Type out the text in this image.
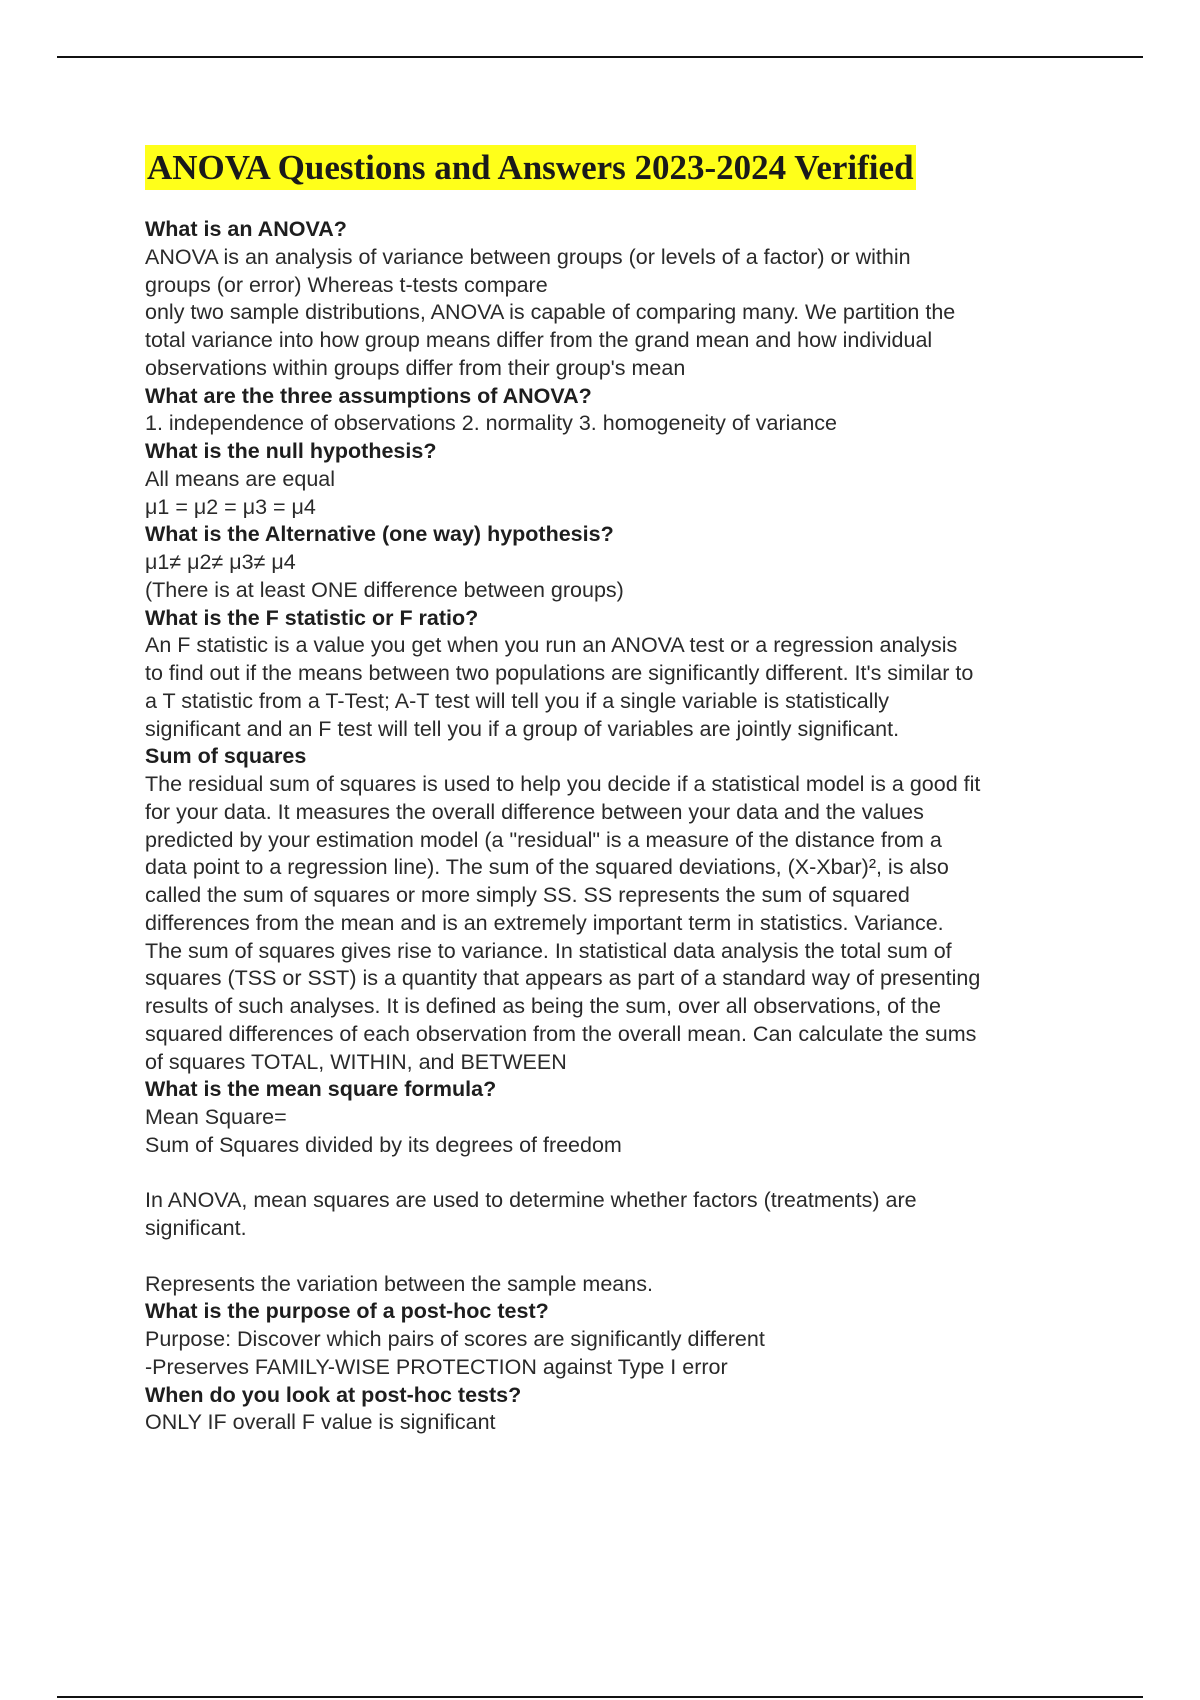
ANOVA Questions and Answers 2023-2024 Verified
What is an ANOVA?
ANOVA is an analysis of variance between groups (or levels of a factor) or within
groups (or error) Whereas t-tests compare
only two sample distributions, ANOVA is capable of comparing many. We partition the
total variance into how group means differ from the grand mean and how individual
observations within groups differ from their group's mean
What are the three assumptions of ANOVA?
1. independence of observations 2. normality 3. homogeneity of variance
What is the null hypothesis?
All means are equal
μ1 = μ2 = μ3 = μ4
What is the Alternative (one way) hypothesis?
μ1≠ μ2≠ μ3≠ μ4
(There is at least ONE difference between groups)
What is the F statistic or F ratio?
An F statistic is a value you get when you run an ANOVA test or a regression analysis
to find out if the means between two populations are significantly different. It's similar to
a T statistic from a T-Test; A-T test will tell you if a single variable is statistically
significant and an F test will tell you if a group of variables are jointly significant.
Sum of squares
The residual sum of squares is used to help you decide if a statistical model is a good fit
for your data. It measures the overall difference between your data and the values
predicted by your estimation model (a "residual" is a measure of the distance from a
data point to a regression line). The sum of the squared deviations, (X-Xbar)², is also
called the sum of squares or more simply SS. SS represents the sum of squared
differences from the mean and is an extremely important term in statistics. Variance.
The sum of squares gives rise to variance. In statistical data analysis the total sum of
squares (TSS or SST) is a quantity that appears as part of a standard way of presenting
results of such analyses. It is defined as being the sum, over all observations, of the
squared differences of each observation from the overall mean. Can calculate the sums
of squares TOTAL, WITHIN, and BETWEEN
What is the mean square formula?
Mean Square=
Sum of Squares divided by its degrees of freedom
In ANOVA, mean squares are used to determine whether factors (treatments) are
significant.
Represents the variation between the sample means.
What is the purpose of a post-hoc test?
Purpose: Discover which pairs of scores are significantly different
-Preserves FAMILY-WISE PROTECTION against Type I error
When do you look at post-hoc tests?
ONLY IF overall F value is significant
